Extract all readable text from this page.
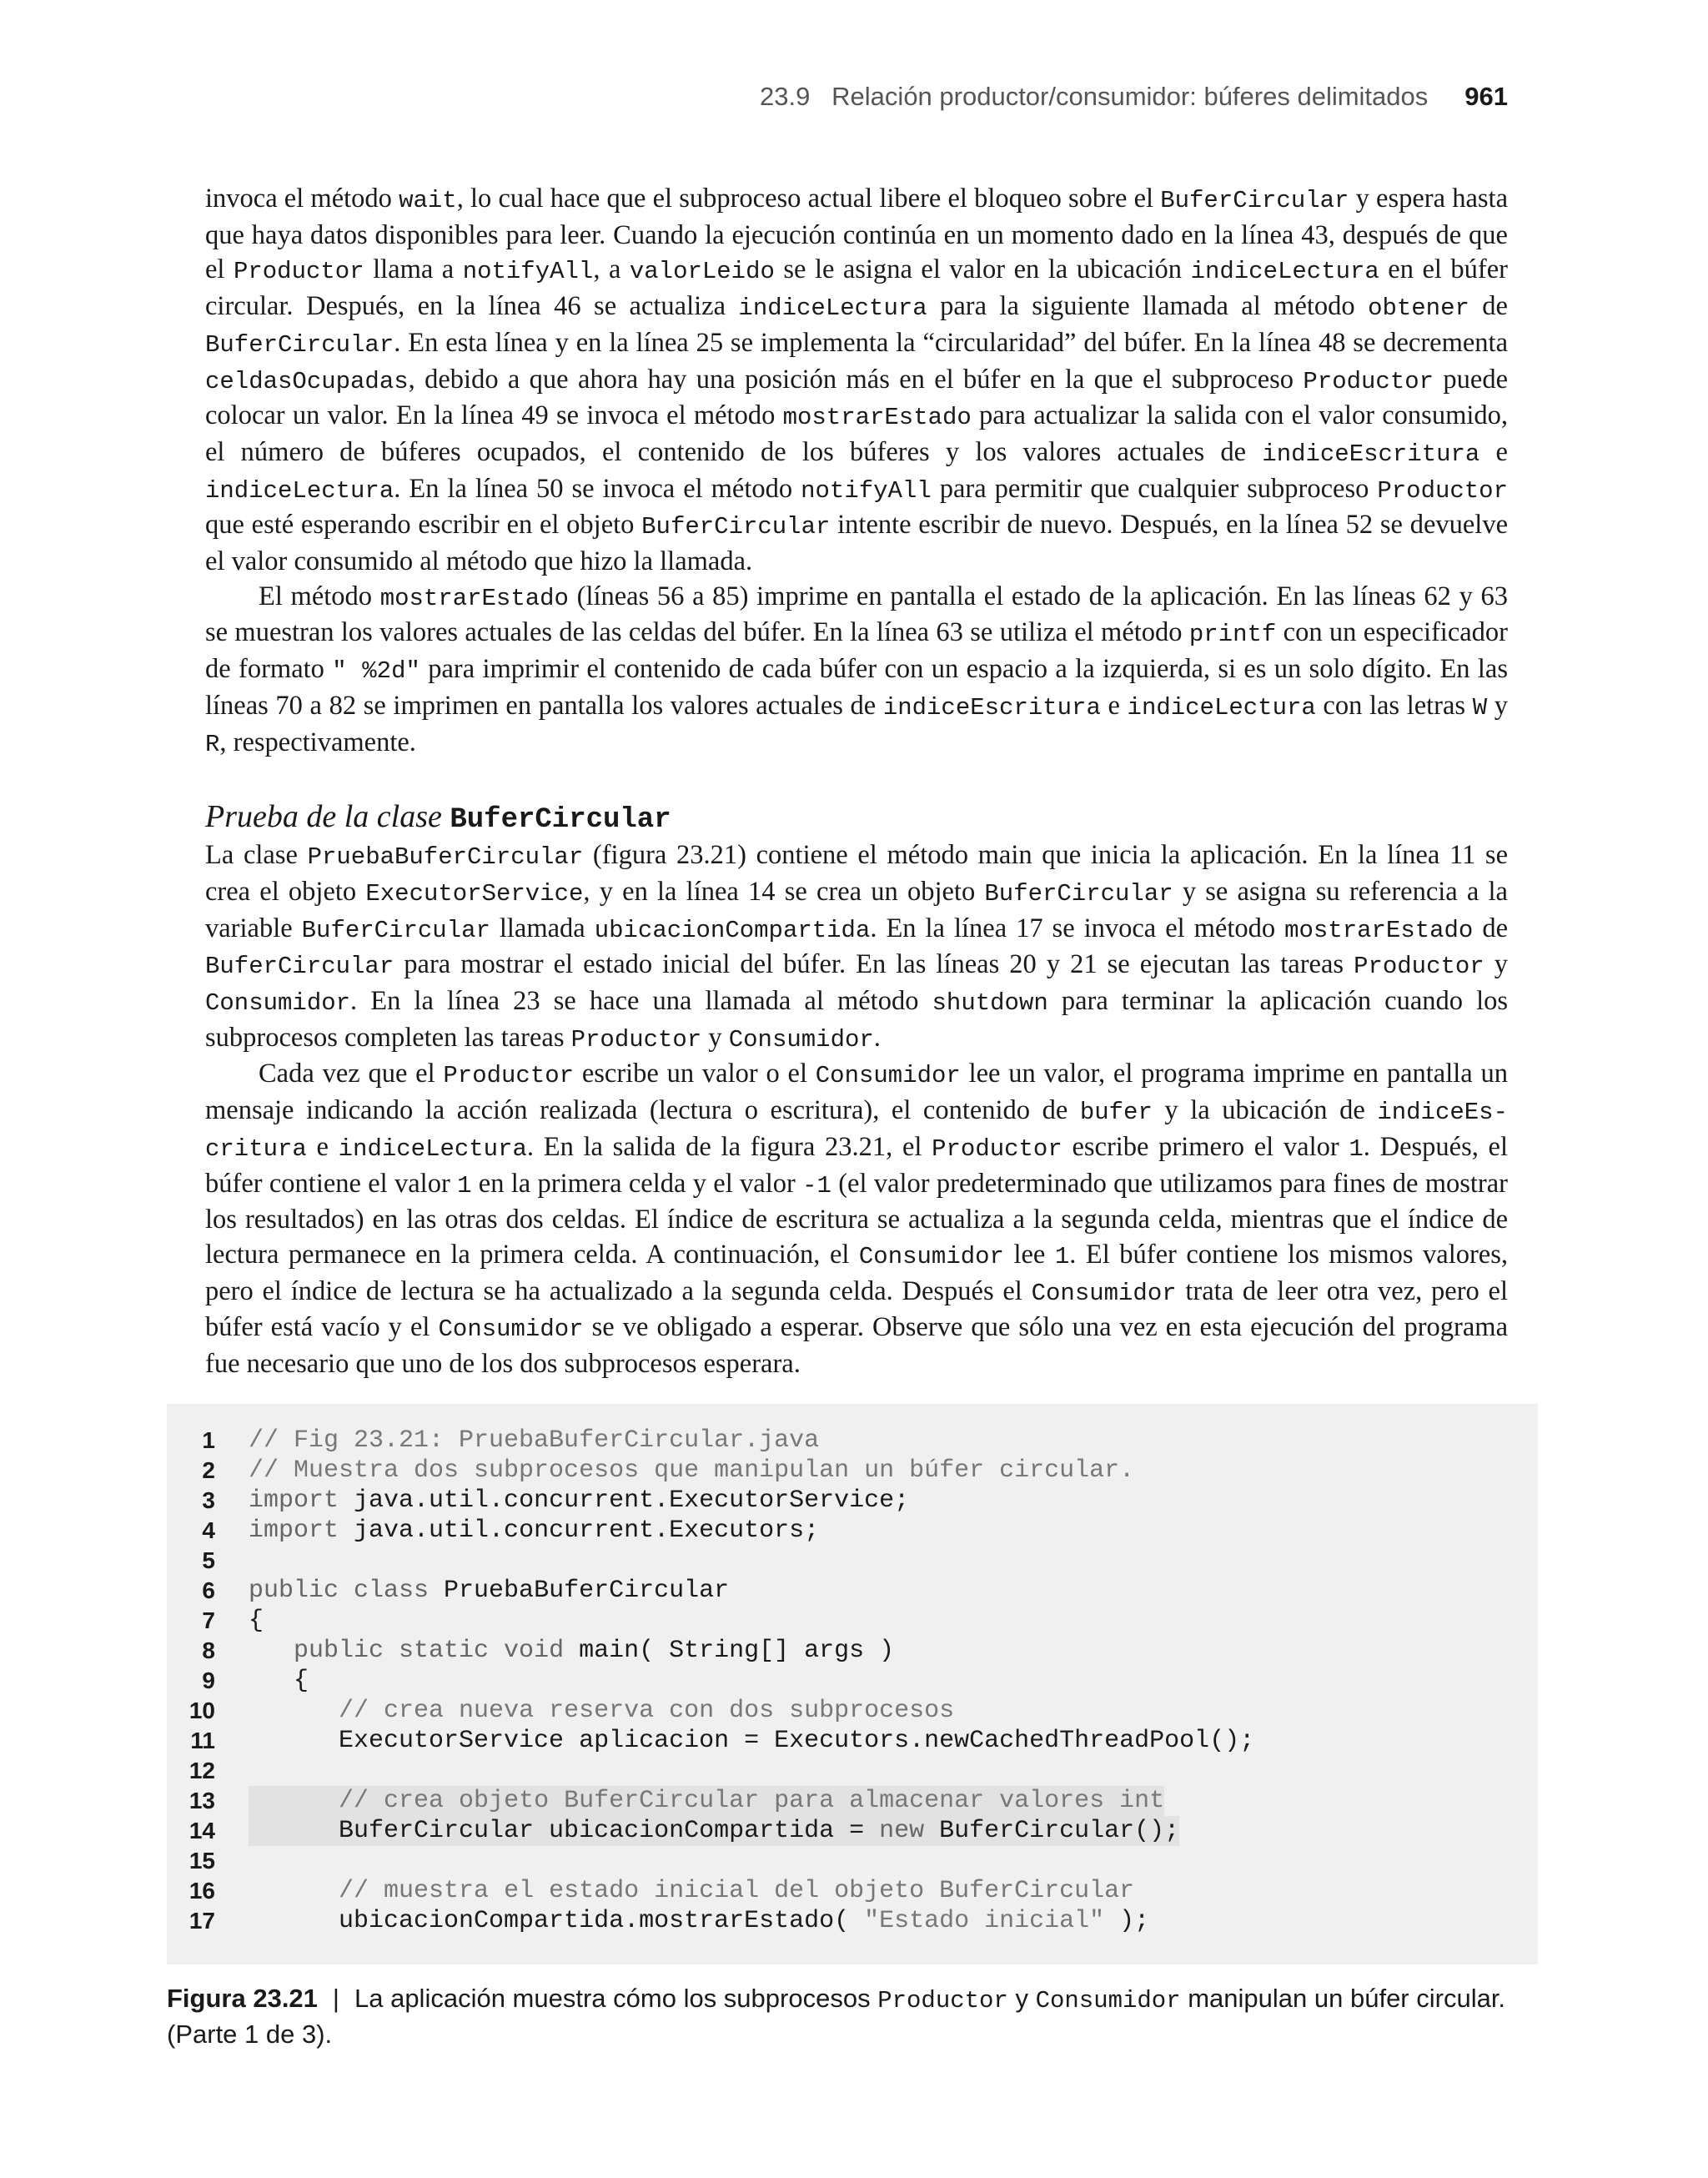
23.9 Relación productor/consumidor: búferes delimitados 961

invoca el método wait, lo cual hace que el subproceso actual libere el bloqueo sobre el BuferCircular y espera hasta que haya datos disponibles para leer. Cuando la ejecución continúa en un momento dado en la línea 43, después de que el Productor llama a notifyAll, a valorLeido se le asigna el valor en la ubicación indiceLectura en el búfer circular. Después, en la línea 46 se actualiza indiceLectura para la siguiente llamada al método obtener de BuferCircular. En esta línea y en la línea 25 se implementa la “circularidad” del búfer. En la línea 48 se decrementa celdasOcupadas, debido a que ahora hay una posición más en el búfer en la que el subproceso Productor puede colocar un valor. En la línea 49 se invoca el método mostrarEstado para actualizar la salida con el valor consumido, el número de búferes ocupados, el contenido de los búferes y los valores actuales de indiceEscritura e indiceLectura. En la línea 50 se invoca el método notifyAll para permitir que cualquier subproceso Productor que esté esperando escribir en el objeto BuferCircular intente escribir de nuevo. Después, en la línea 52 se devuelve el valor consumido al método que hizo la llamada.

El método mostrarEstado (líneas 56 a 85) imprime en pantalla el estado de la aplicación. En las líneas 62 y 63 se muestran los valores actuales de las celdas del búfer. En la línea 63 se utiliza el método printf con un especificador de formato " %2d" para imprimir el contenido de cada búfer con un espacio a la izquierda, si es un solo dígito. En las líneas 70 a 82 se imprimen en pantalla los valores actuales de indiceEscritura e indiceLectura con las letras W y R, respectivamente.

Prueba de la clase BuferCircular

La clase PruebaBuferCircular (figura 23.21) contiene el método main que inicia la aplicación. En la línea 11 se crea el objeto ExecutorService, y en la línea 14 se crea un objeto BuferCircular y se asigna su referencia a la variable BuferCircular llamada ubicacionCompartida. En la línea 17 se invoca el método mostrarEstado de BuferCircular para mostrar el estado inicial del búfer. En las líneas 20 y 21 se ejecutan las tareas Productor y Consumidor. En la línea 23 se hace una llamada al método shutdown para terminar la aplicación cuando los subprocesos completen las tareas Productor y Consumidor.

Cada vez que el Productor escribe un valor o el Consumidor lee un valor, el programa imprime en pantalla un mensaje indicando la acción realizada (lectura o escritura), el contenido de bufer y la ubicación de indiceEscritura e indiceLectura. En la salida de la figura 23.21, el Productor escribe primero el valor 1. Después, el búfer contiene el valor 1 en la primera celda y el valor -1 (el valor predeterminado que utilizamos para fines de mostrar los resultados) en las otras dos celdas. El índice de escritura se actualiza a la segunda celda, mientras que el índice de lectura permanece en la primera celda. A continuación, el Consumidor lee 1. El búfer contiene los mismos valores, pero el índice de lectura se ha actualizado a la segunda celda. Después el Consumidor trata de leer otra vez, pero el búfer está vacío y el Consumidor se ve obligado a esperar. Observe que sólo una vez en esta ejecución del programa fue necesario que uno de los dos subprocesos esperara.

1 // Fig 23.21: PruebaBuferCircular.java
2 // Muestra dos subprocesos que manipulan un búfer circular.
3 import java.util.concurrent.ExecutorService;
4 import java.util.concurrent.Executors;
5
6 public class PruebaBuferCircular
7 {
8	public static void main( String[] args )
9 {
10	// crea nueva reserva con dos subprocesos
11 ExecutorService aplicacion = Executors.newCachedThreadPool();
12
13	// crea objeto BuferCircular para almacenar valores int
14 BuferCircular ubicacionCompartida = new BuferCircular();
15
16	// muestra el estado inicial del objeto BuferCircular
17 ubicacionCompartida.mostrarEstado( "Estado inicial" );
Figura 23.21 | La aplicación muestra cómo los subprocesos Productor y Consumidor manipulan un búfer circular.
(Parte 1 de 3).
